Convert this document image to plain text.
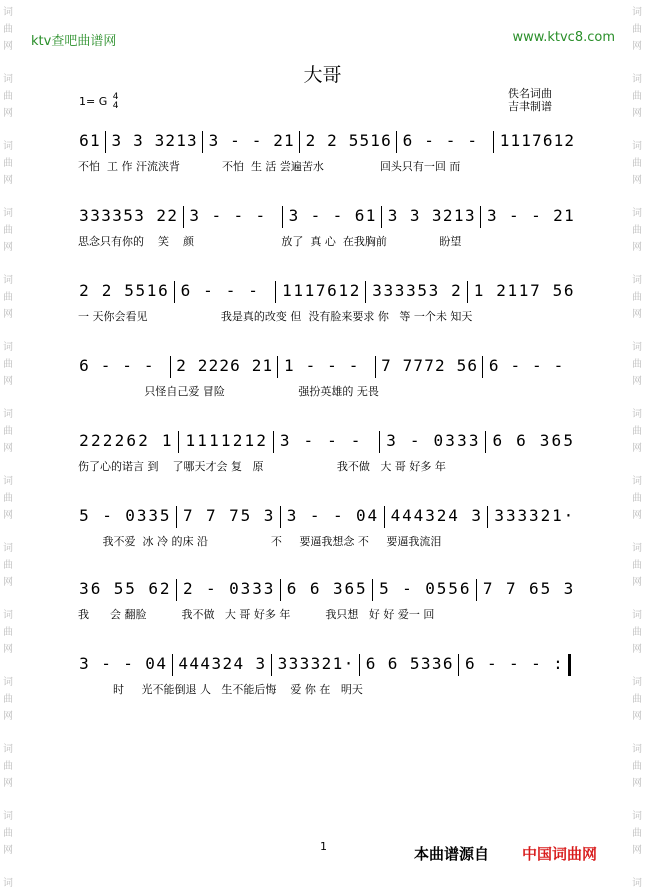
词
曲
网
词
曲
网
词
曲
网
词
曲
网
词
曲
网
词
曲
网
词
曲
网
词
曲
网
词
曲
网
词
曲
网
词
曲
网
词
曲
网
词
曲
网
词
词
曲
网
词
曲
网
词
曲
网
词
曲
网
词
曲
网
词
曲
网
词
曲
网
词
曲
网
词
曲
网
词
曲
网
词
曲
网
词
曲
网
词
曲
网
词
ktv查吧曲谱网	www.ktvc8.com
大哥
1= G 4
4
佚名词曲
吉聿制谱
6 1 3 3 3 2 1 3 3 - - 2 1 2 2 5 5 1 6 6 - - - 1 1 1 7 6 1 2
不怕  工 作 汗流浃背            不怕  生 活 尝遍苦水                回头只有一回 而
3 3 3 3 5 3 2 2 3 - - - 3 - - 6 1 3 3 3 2 1 3 3 - - 2 1
思念只有你的    笑    颜                         放了  真 心  在我胸前               盼望
2 2 5 5 1 6 6 - - - 1 1 1 7 6 1 2 3 3 3 3 5 3 2 1 2 1 1 7 5 6
一 天你会看见                     我是真的改变 但  没有脸来要求 你   等 一个未 知天
6 - - - 2 2 2 2 6 2 1 1 - - - 7 7 7 7 2 5 6 6 - - -
只怪自己爱 冒险                     强扮英雄的 无畏
2 2 2 2 6 2 1 1 1 1 1 2 1 2 3 - - - 3 - 0 3 3 3 6 6 3 6 5
伤了心的诺言 到    了哪天才会 复   原                     我不做   大 哥 好多 年
5 - 0 3 3 5 7 7 7 5 3 3 - - 0 4 4 4 4 3 2 4 3 3 3 3 3 2 1 ·
我不爱  冰 冷 的床 沿                  不     要逼我想念 不     要逼我流泪
3 6 5 5 6 2 2 - 0 3 3 3 6 6 3 6 5 5 - 0 5 5 6 7 7 6 5 3
我      会 翻脸          我不做   大 哥 好多 年          我只想   好 好 爱一 回
3 - - 0 4 4 4 4 3 2 4 3 3 3 3 3 2 1 · 6 6 5 3 3 6 6 - - - :
时     光不能倒退 人   生不能后悔    爱 你 在   明天
1	本曲谱源自 中国词曲网
